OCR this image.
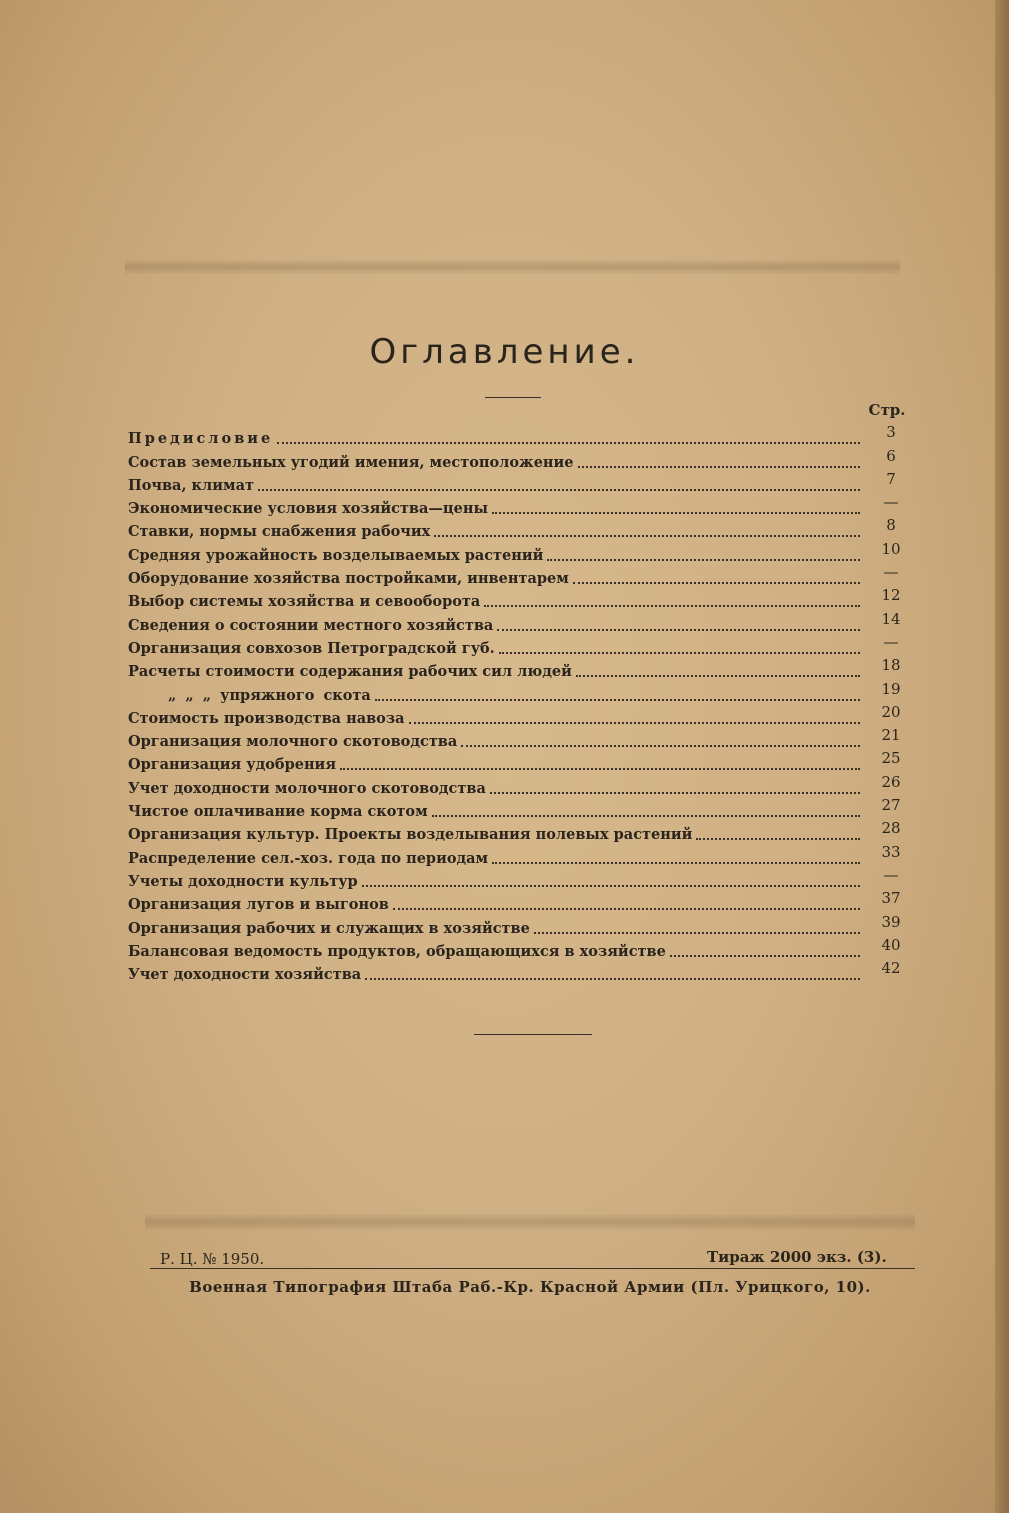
Оглавление.
Стр.
Предисловие	3
Состав земельных угодий имения, местоположение	6
Почва, климат	7
Экономические условия хозяйства—цены	—
Ставки, нормы снабжения рабочих	8
Средняя урожайность возделываемых растений	10
Оборудование хозяйства постройками, инвентарем	—
Выбор системы хозяйства и севооборота	12
Сведения о состоянии местного хозяйства	14
Организация совхозов Петроградской губ.	—
Расчеты стоимости содержания рабочих сил людей	18
„ „ „ упряжного скота	19
Стоимость производства навоза	20
Организация молочного скотоводства	21
Организация удобрения	25
Учет доходности молочного скотоводства	26
Чистое оплачивание корма скотом	27
Организация культур. Проекты возделывания полевых растений	28
Распределение сел.-хоз. года по периодам	33
Учеты доходности культур	—
Организация лугов и выгонов	37
Организация рабочих и служащих в хозяйстве	39
Балансовая ведомость продуктов, обращающихся в хозяйстве	40
Учет доходности хозяйства	42
Р. Ц. № 1950.	Тираж 2000 экз. (3).
Военная Типография Штаба Раб.-Кр. Красной Армии (Пл. Урицкого, 10).
